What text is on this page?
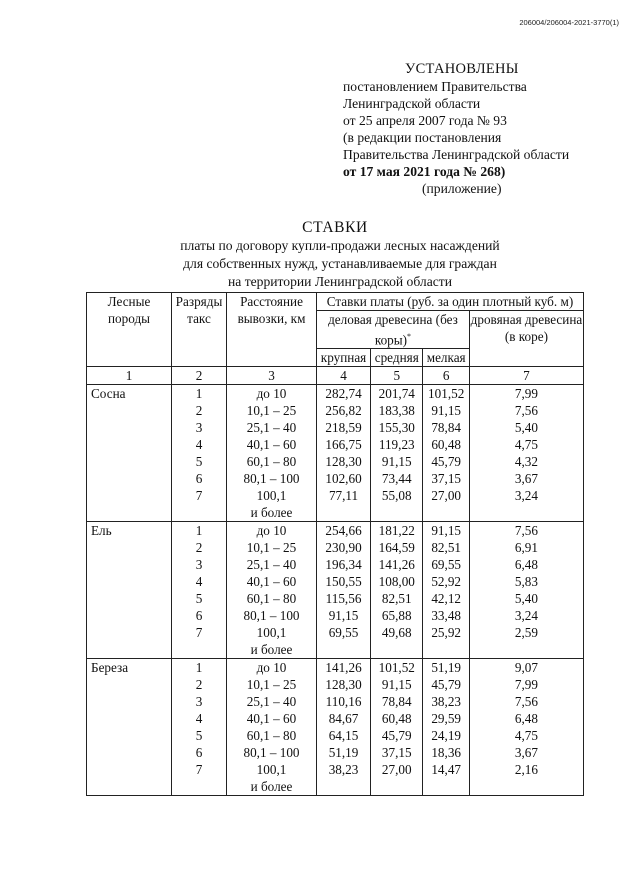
206004/206004-2021-3770(1)
УСТАНОВЛЕНЫ
постановлением Правительства
Ленинградской области
от 25 апреля 2007 года № 93
(в редакции постановления
Правительства Ленинградской области
от 17 мая 2021 года № 268)
(приложение)
СТАВКИ
платы по договору купли-продажи лесных насаждений
для собственных нужд, устанавливаемые для граждан
на территории Ленинградской области
Лесные породы	Разряды такс	Расстояние вывозки, км	Ставки платы (руб. за один плотный куб. м)			
			деловая древесина (без коры)*			дровяная древесина (в коре)
			крупная	средняя	мелкая	
1	2	3	4	5	6	7
Сосна	1	до 10	282,74	201,74	101,52	7,99
	2	10,1 – 25	256,82	183,38	91,15	7,56
	3	25,1 – 40	218,59	155,30	78,84	5,40
	4	40,1 – 60	166,75	119,23	60,48	4,75
	5	60,1 – 80	128,30	91,15	45,79	4,32
	6	80,1 – 100	102,60	73,44	37,15	3,67
	7	100,1	77,11	55,08	27,00	3,24
		и более				
Ель	1	до 10	254,66	181,22	91,15	7,56
	2	10,1 – 25	230,90	164,59	82,51	6,91
	3	25,1 – 40	196,34	141,26	69,55	6,48
	4	40,1 – 60	150,55	108,00	52,92	5,83
	5	60,1 – 80	115,56	82,51	42,12	5,40
	6	80,1 – 100	91,15	65,88	33,48	3,24
	7	100,1	69,55	49,68	25,92	2,59
		и более				
Береза	1	до 10	141,26	101,52	51,19	9,07
	2	10,1 – 25	128,30	91,15	45,79	7,99
	3	25,1 – 40	110,16	78,84	38,23	7,56
	4	40,1 – 60	84,67	60,48	29,59	6,48
	5	60,1 – 80	64,15	45,79	24,19	4,75
	6	80,1 – 100	51,19	37,15	18,36	3,67
	7	100,1	38,23	27,00	14,47	2,16
		и более				
